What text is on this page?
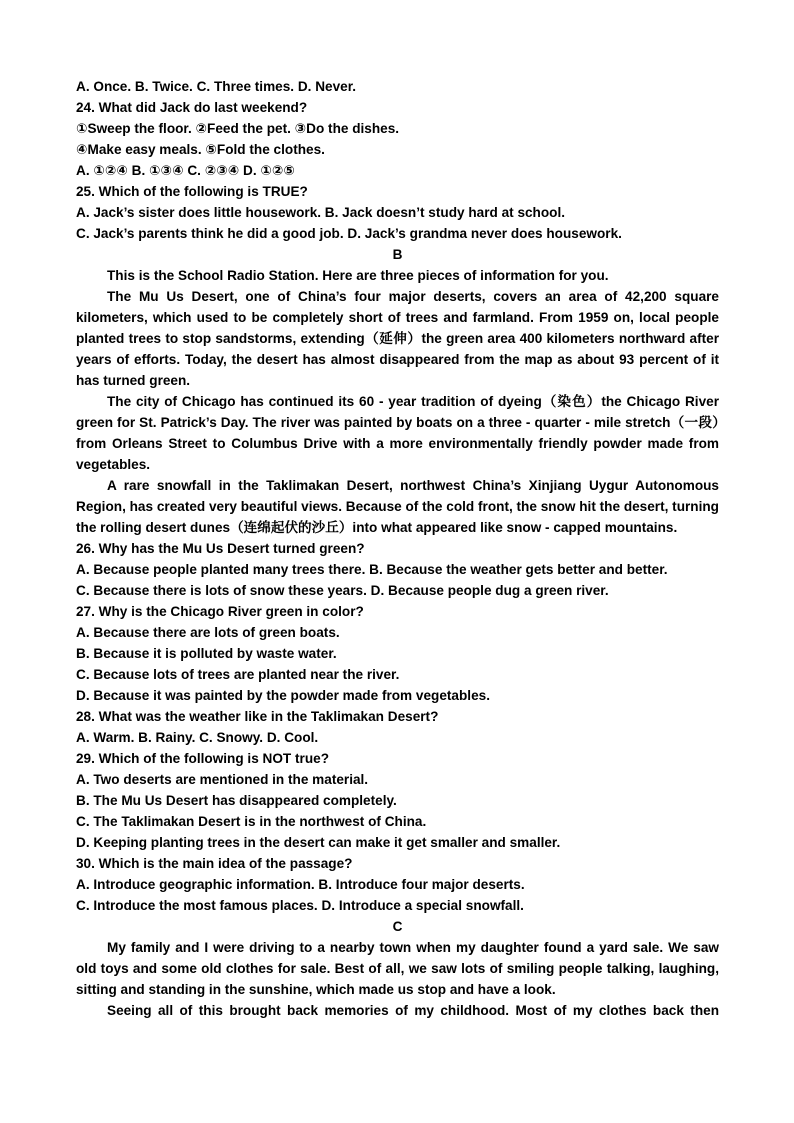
A. Once. B. Twice. C. Three times. D. Never.
24. What did Jack do last weekend?
①Sweep the floor. ②Feed the pet. ③Do the dishes.
④Make easy meals. ⑤Fold the clothes.
A. ①②④ B. ①③④ C. ②③④ D. ①②⑤
25. Which of the following is TRUE?
A. Jack’s sister does little housework. B. Jack doesn’t study hard at school.
C. Jack’s parents think he did a good job. D. Jack’s grandma never does housework.
B
This is the School Radio Station. Here are three pieces of information for you.
The Mu Us Desert, one of China’s four major deserts, covers an area of 42,200 square kilometers, which used to be completely short of trees and farmland. From 1959 on, local people planted trees to stop sandstorms, extending（延伸）the green area 400 kilometers northward after years of efforts. Today, the desert has almost disappeared from the map as about 93 percent of it has turned green.
The city of Chicago has continued its 60 - year tradition of dyeing（染色）the Chicago River green for St. Patrick’s Day. The river was painted by boats on a three - quarter - mile stretch（一段）from Orleans Street to Columbus Drive with a more environmentally friendly powder made from vegetables.
A rare snowfall in the Taklimakan Desert, northwest China’s Xinjiang Uygur Autonomous Region, has created very beautiful views. Because of the cold front, the snow hit the desert, turning the rolling desert dunes（连绵起伏的沙丘）into what appeared like snow - capped mountains.
26. Why has the Mu Us Desert turned green?
A. Because people planted many trees there. B. Because the weather gets better and better.
C. Because there is lots of snow these years. D. Because people dug a green river.
27. Why is the Chicago River green in color?
A. Because there are lots of green boats.
B. Because it is polluted by waste water.
C. Because lots of trees are planted near the river.
D. Because it was painted by the powder made from vegetables.
28. What was the weather like in the Taklimakan Desert?
A. Warm. B. Rainy. C. Snowy. D. Cool.
29. Which of the following is NOT true?
A. Two deserts are mentioned in the material.
B. The Mu Us Desert has disappeared completely.
C. The Taklimakan Desert is in the northwest of China.
D. Keeping planting trees in the desert can make it get smaller and smaller.
30. Which is the main idea of the passage?
A. Introduce geographic information. B. Introduce four major deserts.
C. Introduce the most famous places. D. Introduce a special snowfall.
C
My family and I were driving to a nearby town when my daughter found a yard sale. We saw old toys and some old clothes for sale. Best of all, we saw lots of smiling people talking, laughing, sitting and standing in the sunshine, which made us stop and have a look.
Seeing all of this brought back memories of my childhood. Most of my clothes back then
